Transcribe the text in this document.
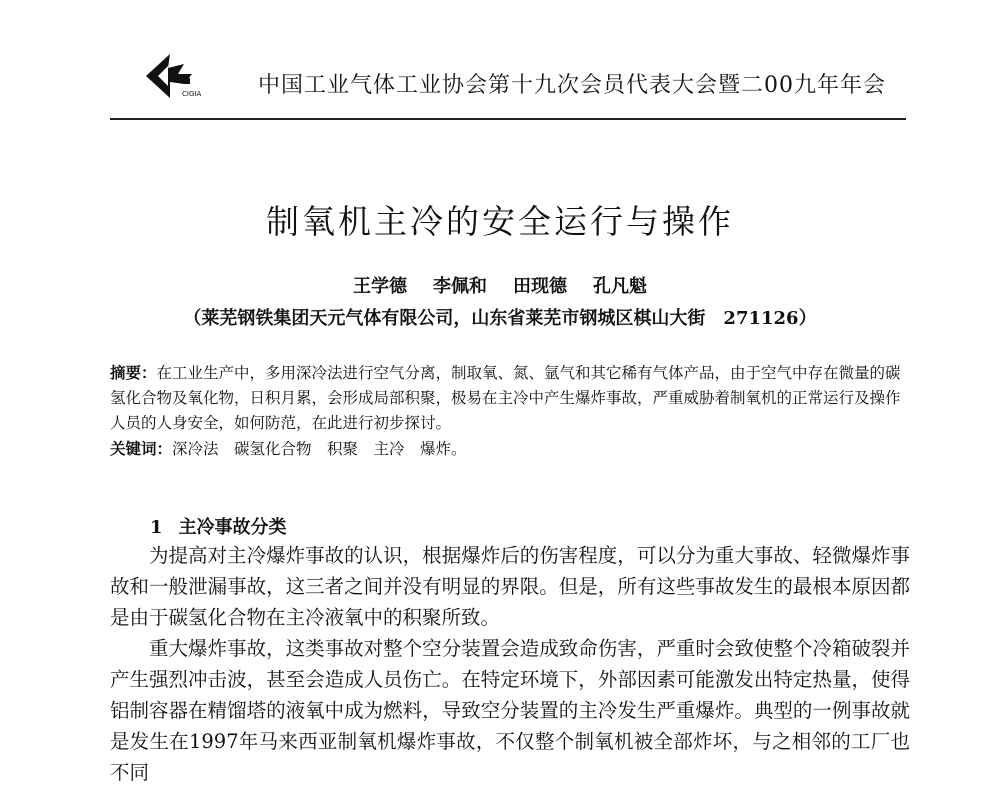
CIGIA	中国工业气体工业协会第十九次会员代表大会暨二00九年年会
制氧机主冷的安全运行与操作
王学德 李佩和 田现德 孔凡魁
（莱芜钢铁集团天元气体有限公司，山东省莱芜市钢城区棋山大街　271126）
摘要：在工业生产中，多用深冷法进行空气分离，制取氧、氮、氩气和其它稀有气体产品，由于空气中存在微量的碳氢化合物及氧化物，日积月累，会形成局部积聚，极易在主冷中产生爆炸事故，严重威胁着制氧机的正常运行及操作人员的人身安全，如何防范，在此进行初步探讨。
关键词：深冷法　碳氢化合物　积聚　主冷　爆炸。
1 主冷事故分类
为提高对主冷爆炸事故的认识，根据爆炸后的伤害程度，可以分为重大事故、轻微爆炸事故和一般泄漏事故，这三者之间并没有明显的界限。但是，所有这些事故发生的最根本原因都是由于碳氢化合物在主冷液氧中的积聚所致。
重大爆炸事故，这类事故对整个空分装置会造成致命伤害，严重时会致使整个冷箱破裂并产生强烈冲击波，甚至会造成人员伤亡。在特定环境下，外部因素可能激发出特定热量，使得铝制容器在精馏塔的液氧中成为燃料，导致空分装置的主冷发生严重爆炸。典型的一例事故就是发生在1997年马来西亚制氧机爆炸事故，不仅整个制氧机被全部炸坏，与之相邻的工厂也不同
